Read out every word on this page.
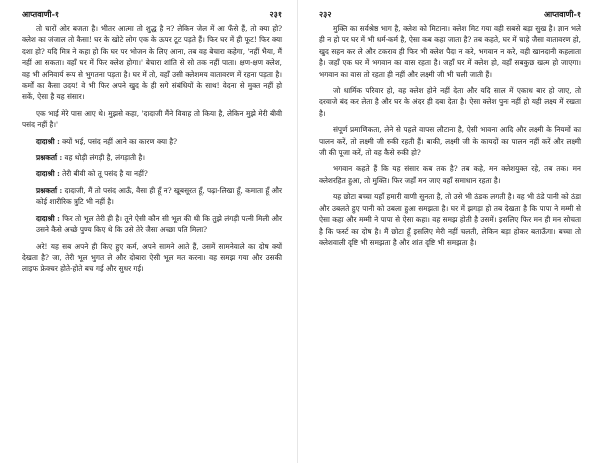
आप्तवाणी-१	२३१

तो चारों ओर बजता है। भीतर आत्मा तो शुद्ध है न? लेकिन जेल में आ फँसे हैं, तो क्या हो? क्लेश का जंजाल तो कैसा! घर के खोटे लोग एक के ऊपर टूट पड़ते हैं। फिर घर में ही फूट! फिर क्या दशा हो? यदि मित्र ने कहा हो कि घर पर भोजन के लिए आना, तब वह बेचारा कहेगा, 'नहीं भैया, मैं नहीं आ सकता। वहाँ घर में फिर क्लेश होगा।' बेचारा शांति से सो तक नहीं पाता। क्षण-क्षण क्लेश, वह भी अनिवार्य रूप से भुगतना पड़ता है। घर में तो, वहाँ उसी क्लेशमय वातावरण में रहना पड़ता है। कर्मों का कैसा उदय! वे भी फिर अपने खुद के ही सगे संबंधियों के साथ! वेदना से मुक्त नहीं हो सकें, ऐसा है यह संसार।

एक भाई मेरे पास आए थे। मुझसे कहा, 'दादाजी मैंने विवाह तो किया है, लेकिन मुझे मेरी बीवी पसंद नहीं है।'

दादाश्री : क्यों भई, पसंद नहीं आने का कारण क्या है?

प्रश्नकर्ता : वह थोड़ी लंगड़ी है, लंगड़ाती है।

दादाश्री : तेरी बीवी को तू पसंद है या नहीं?

प्रश्नकर्ता : दादाजी, मैं तो पसंद आऊँ, वैसा ही हूँ न? खूबसूरत हूँ, पढ़ा-लिखा हूँ, कमाता हूँ और कोई शारीरिक त्रुटि भी नहीं है।

दादाश्री : फिर तो भूल तेरी ही है। तूने ऐसी कौन सी भूल की थी कि तुझे लंगड़ी पत्नी मिली और उसने कैसे अच्छे पुण्य किए थे कि उसे तेरे जैसा अच्छा पति मिला?

अरे! यह सब अपने ही किए हुए कर्म, अपने सामने आते हैं, उसमें सामनेवाले का दोष क्यों देखता है? जा, तेरी भूल भुगत ले और दोबारा ऐसी भूल मत करना। वह समझ गया और उसकी लाइफ फ्रेक्चर होते-होते बच गई और सुधर गई।

२३२	आप्तवाणी-१

मुक्ति का सर्वश्रेष्ठ भाग है, क्लेश को मिटाना। क्लेश मिट गया वही सबसे बड़ा सुख है। ज्ञान भले ही न हो पर घर में भी धर्म-कर्म है, ऐसा कब कहा जाता है? तब कहते, घर में चाहे जैसा वातावरण हो, खुद सहन कर ले और टकराव ही फिर भी क्लेश पैदा न करे, भगवान न करे, वही खानदानी कहलाता है। जहाँ एक घर में भगवान का वास रहता है। जहाँ घर में क्लेश हो, वहाँ सबकुछ खत्म हो जाएगा। भगवान का वास तो रहता ही नहीं और लक्ष्मी जी भी चली जाती हैं।

जो धार्मिक परिवार हो, वह क्लेश होने नहीं देता और यदि साल में एकाध बार हो जाए, तो दरवाजे बंद कर लेता है और घर के अंदर ही दबा देता है। ऐसा क्लेश पुनः नहीं हो यही लक्ष्य में रखता है।

संपूर्ण प्रमाणिकता, लेने से पहले वापस लौटाना है, ऐसी भावना आदि और लक्ष्मी के नियमों का पालन करें, तो लक्ष्मी जी रुकी रहती हैं। बाकी, लक्ष्मी जी के कायदों का पालन नहीं करें और लक्ष्मी जी की पूजा करें, तो वह कैसे रुकी हो?

भगवान कहते हैं कि यह संसार कब तक है? तब कहे, मन क्लेशयुक्त रहे, तब तक। मन क्लेशरहित हुआ, तो मुक्ति। फिर जहाँ मन जाए वहाँ समाधान रहता है।

यह छोटा बच्चा यहाँ हमारी वाणी सुनता है, तो उसे भी ठंडक लगती है। वह भी ठंडे पानी को ठंडा और उबलते हुए पानी को उबला हुआ समझता है। घर में झगड़ा हो तब देखता है कि पापा ने मम्मी से ऐसा कहा और मम्मी ने पापा से ऐसा कहा। वह समझ होती है उसमें। इसलिए फिर मन ही मन सोचता है कि फर्स्ट का दोष है। मैं छोटा हूँ इसलिए मेरी नहीं चलती, लेकिन बड़ा होकर बताऊँगा। बच्चा तो क्लेशवाली दृष्टि भी समझता है और शांत दृष्टि भी समझता है।
